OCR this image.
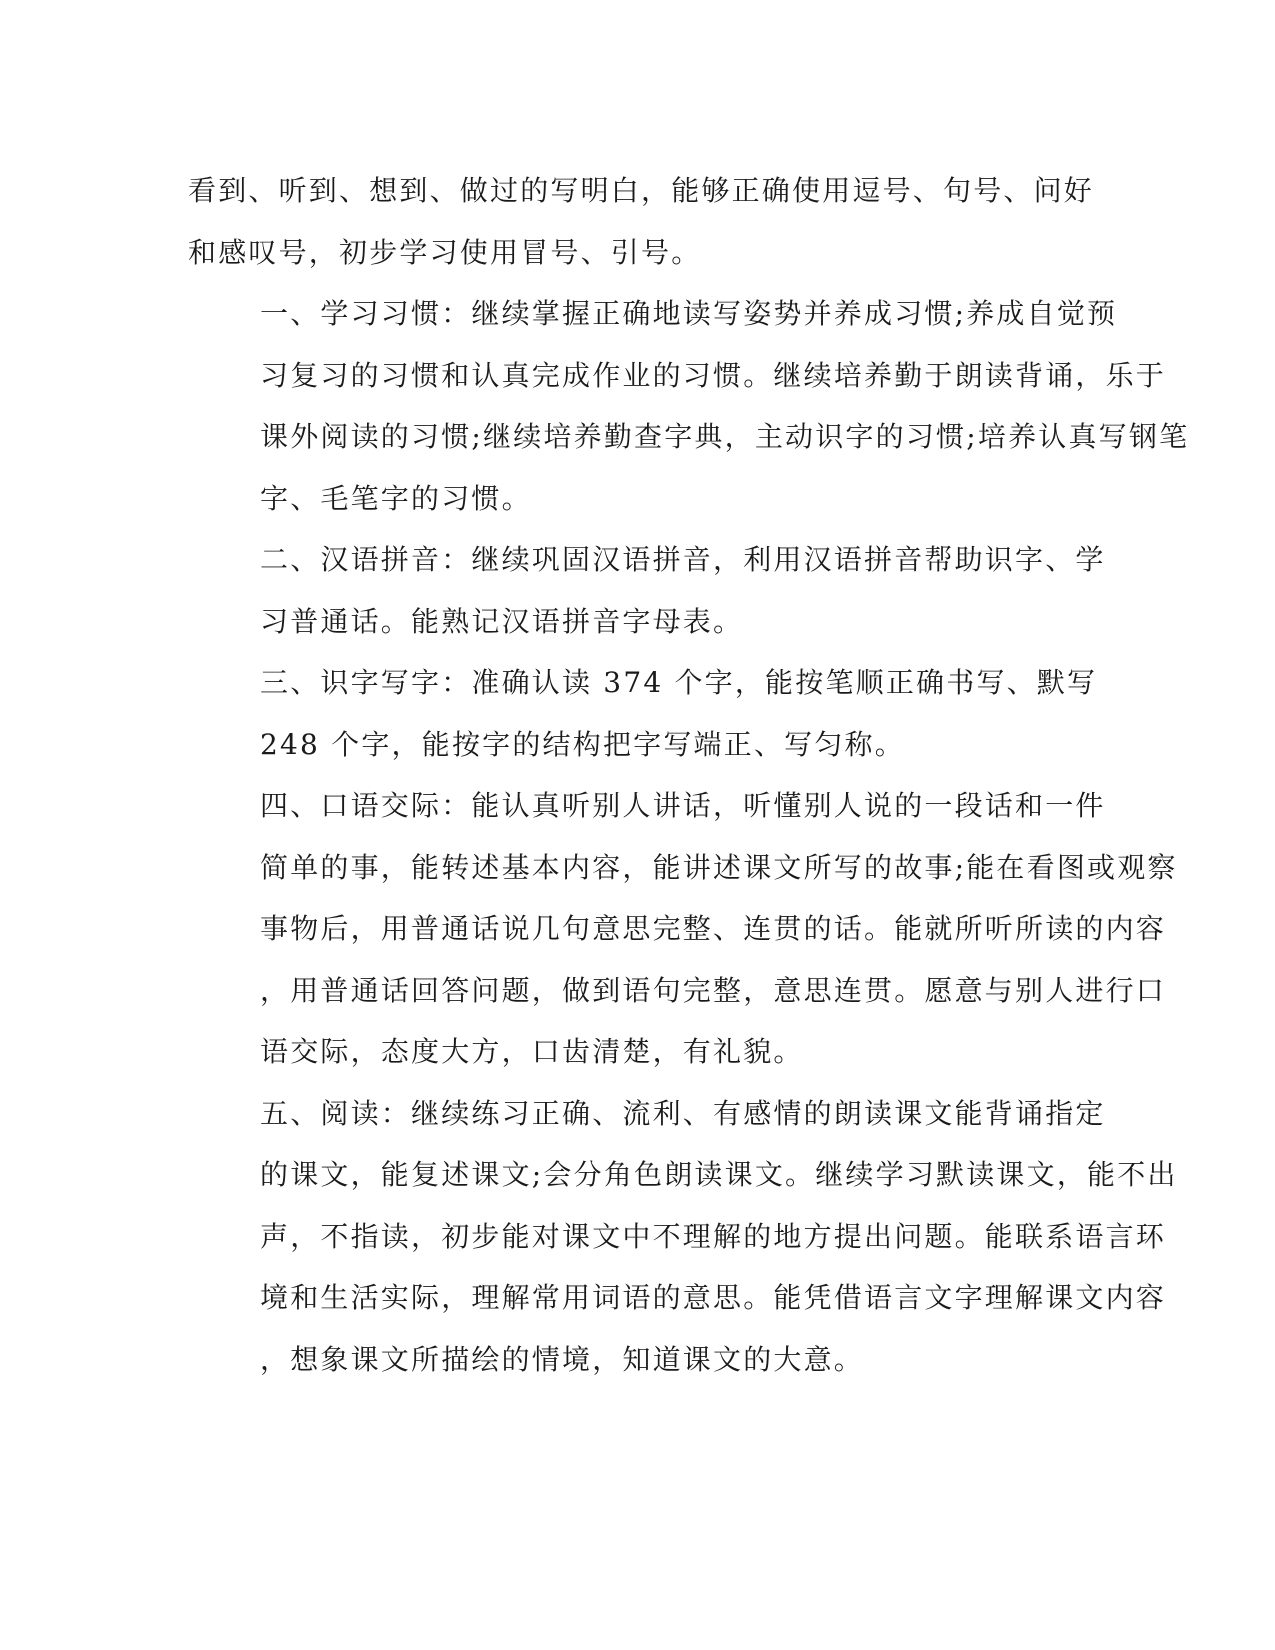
看到、听到、想到、做过的写明白，能够正确使用逗号、句号、问好
和感叹号，初步学习使用冒号、引号。

一、学习习惯：继续掌握正确地读写姿势并养成习惯;养成自觉预
习复习的习惯和认真完成作业的习惯。继续培养勤于朗读背诵，乐于
课外阅读的习惯;继续培养勤查字典，主动识字的习惯;培养认真写钢笔
字、毛笔字的习惯。

二、汉语拼音：继续巩固汉语拼音，利用汉语拼音帮助识字、学
习普通话。能熟记汉语拼音字母表。

三、识字写字：准确认读 374 个字，能按笔顺正确书写、默写
248 个字，能按字的结构把字写端正、写匀称。

四、口语交际：能认真听别人讲话，听懂别人说的一段话和一件
简单的事，能转述基本内容，能讲述课文所写的故事;能在看图或观察
事物后，用普通话说几句意思完整、连贯的话。能就所听所读的内容
，用普通话回答问题，做到语句完整，意思连贯。愿意与别人进行口
语交际，态度大方，口齿清楚，有礼貌。

五、阅读：继续练习正确、流利、有感情的朗读课文能背诵指定
的课文，能复述课文;会分角色朗读课文。继续学习默读课文，能不出
声，不指读，初步能对课文中不理解的地方提出问题。能联系语言环
境和生活实际，理解常用词语的意思。能凭借语言文字理解课文内容
，想象课文所描绘的情境，知道课文的大意。
